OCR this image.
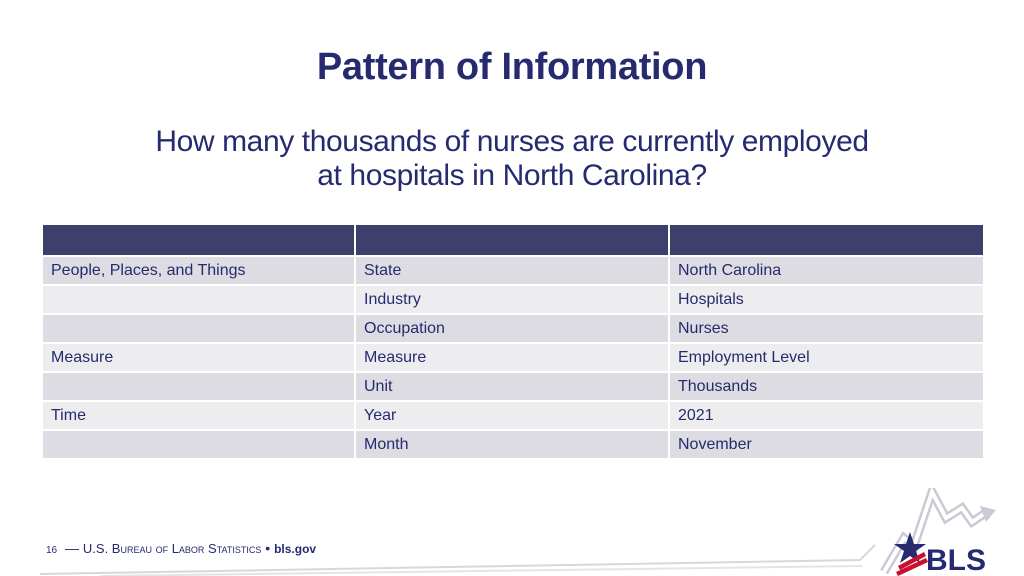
Pattern of Information
How many thousands of nurses are currently employed
at hospitals in North Carolina?

People, Places, and Things	State	North Carolina
	Industry	Hospitals
	Occupation	Nurses
Measure	Measure	Employment Level
	Unit	Thousands
Time	Year	2021
	Month	November
16 — U.S. Bureau of Labor Statistics • bls.gov	BLS
